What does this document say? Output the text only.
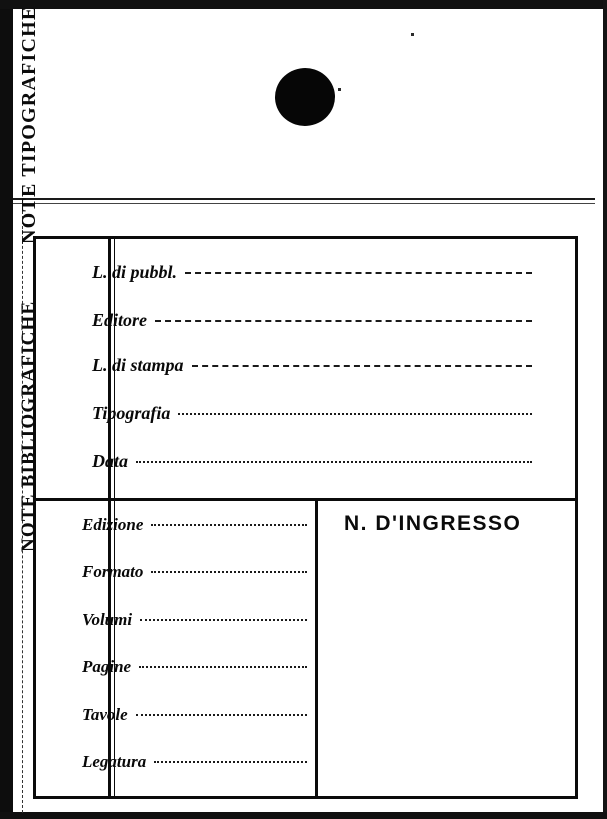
NOTE TIPOGRAFICHE
NOTE BIBLIOGRAFICHE
L. di pubbl.
Editore
L. di stampa
Tipografia
Data
Edizione
Formato
Volumi
Pagine
Tavole
Legatura
N. D'INGRESSO
